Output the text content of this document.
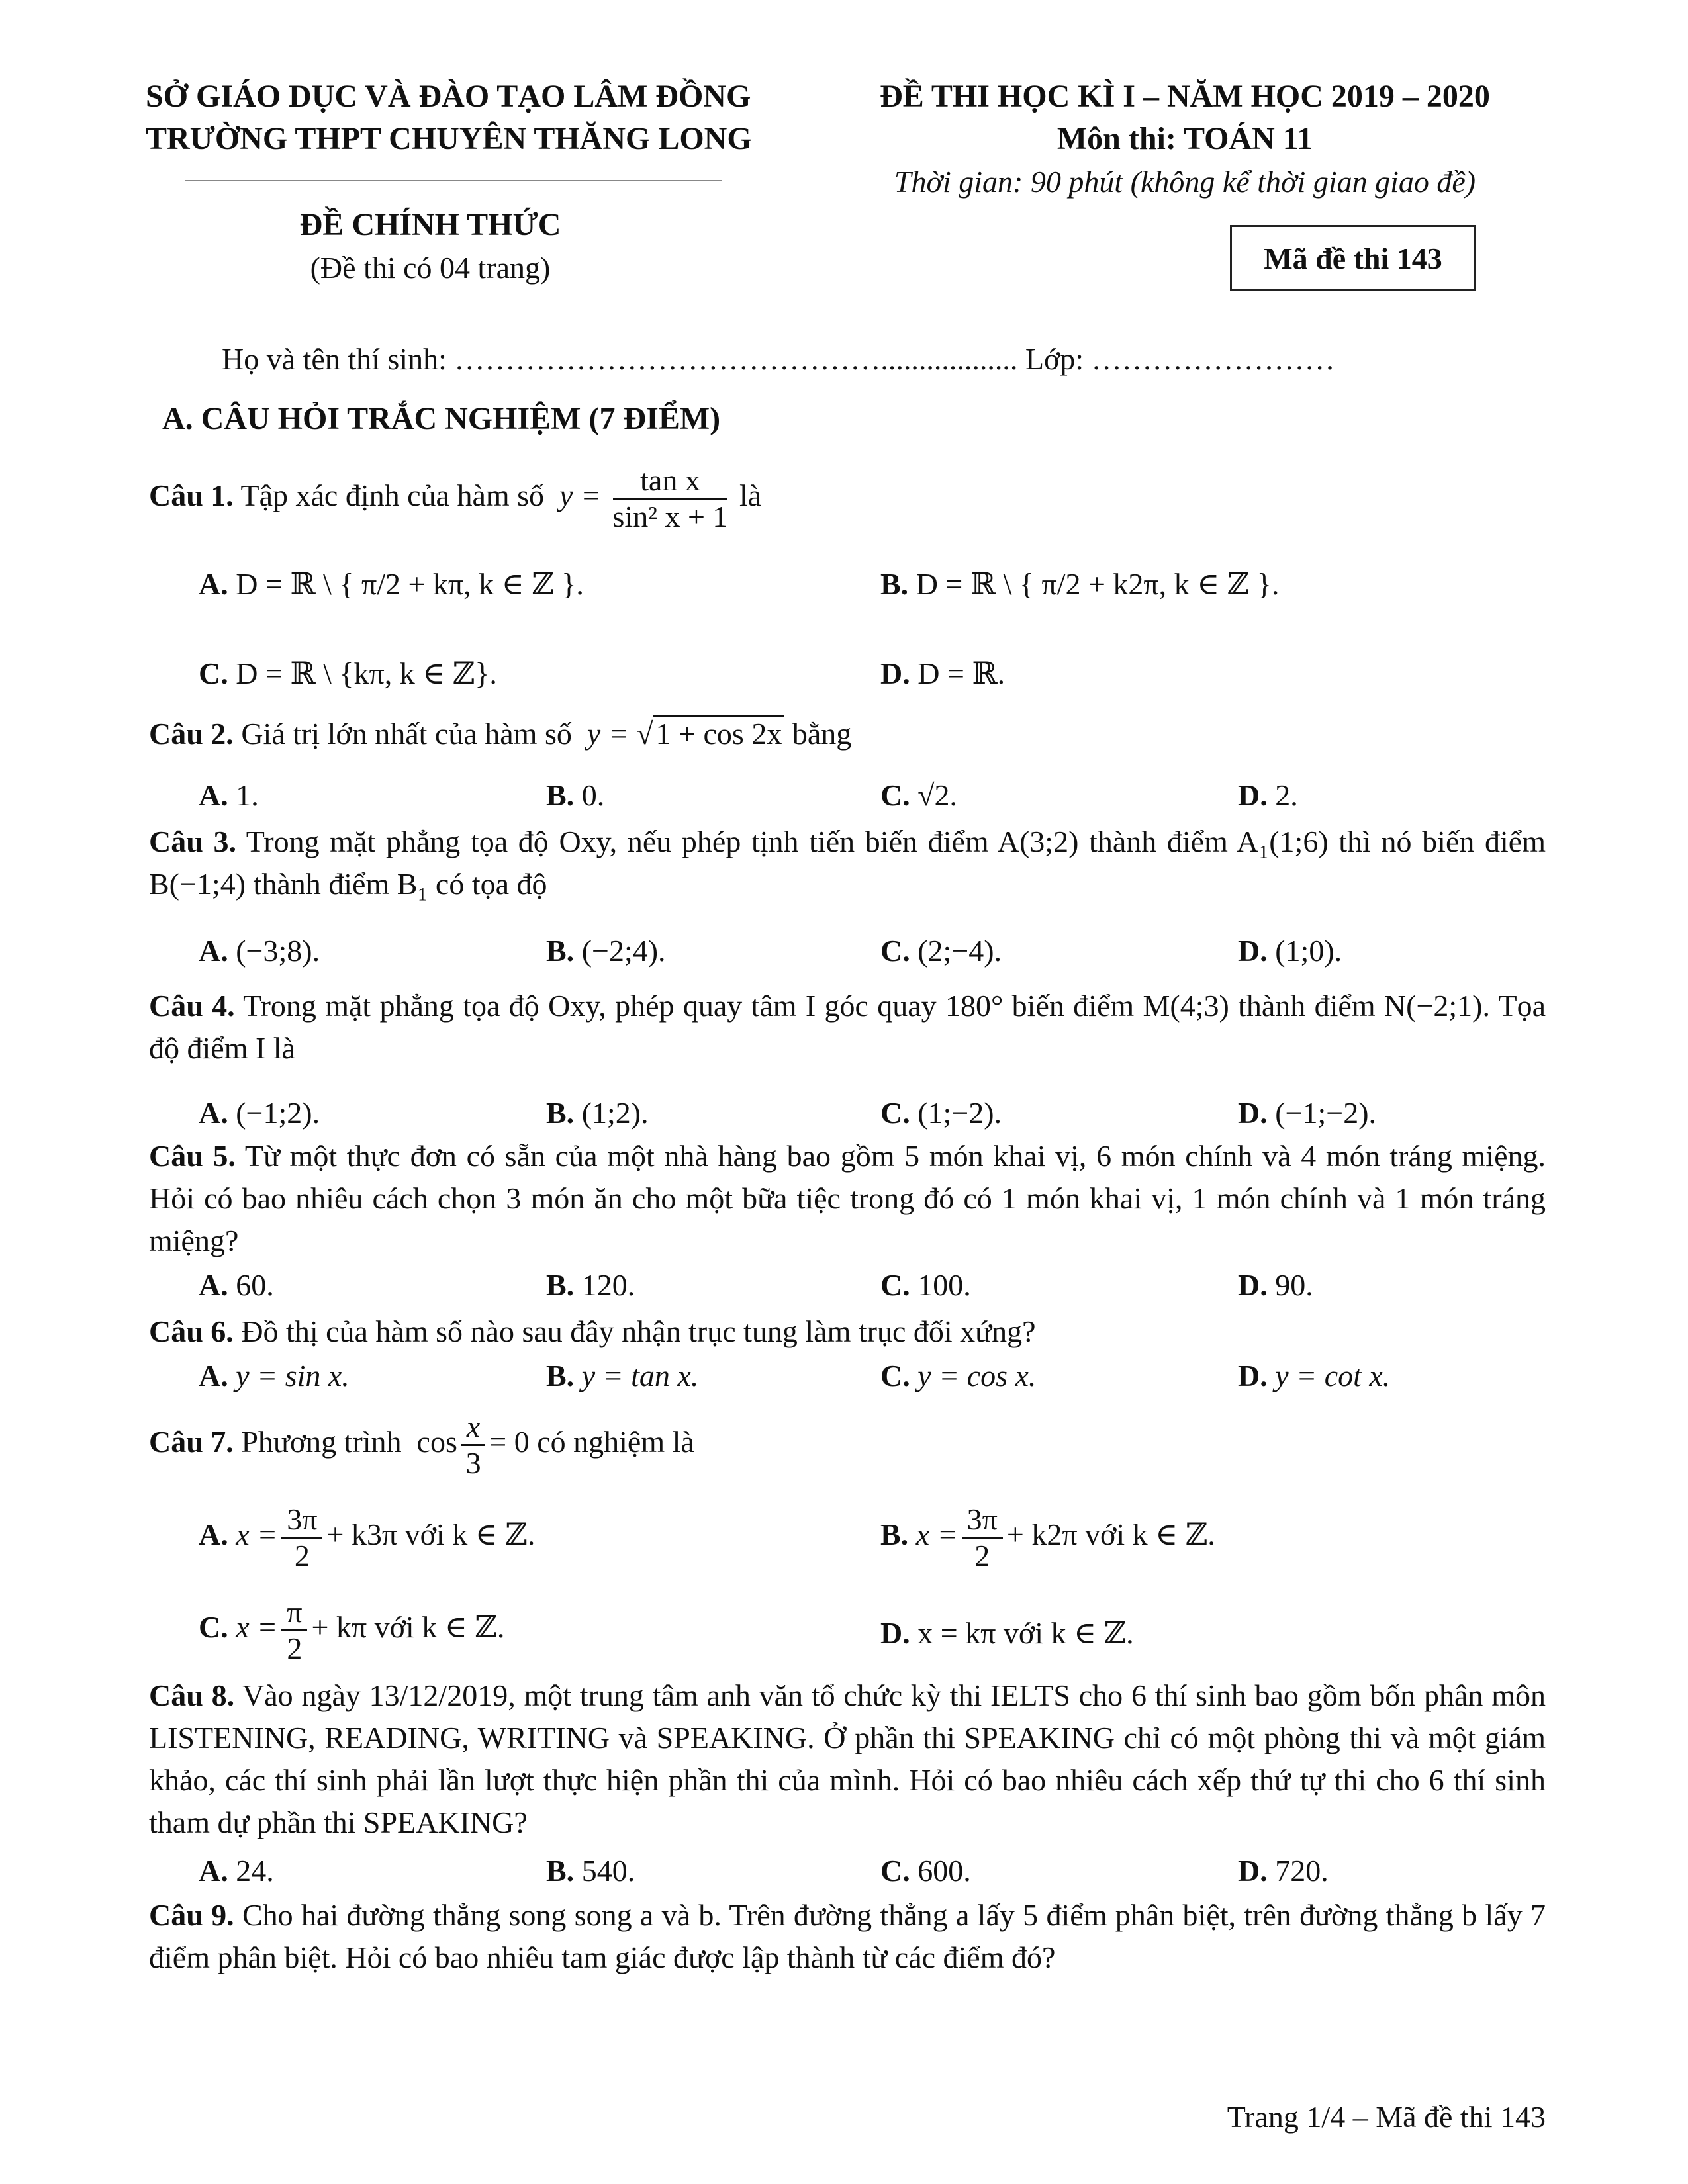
SỞ GIÁO DỤC VÀ ĐÀO TẠO LÂM ĐỒNG
TRƯỜNG THPT CHUYÊN THĂNG LONG
ĐỀ CHÍNH THỨC
(Đề thi có 04 trang)
ĐỀ THI HỌC KÌ I – NĂM HỌC 2019 – 2020
Môn thi: TOÁN 11
Thời gian: 90 phút (không kể thời gian giao đề)
Mã đề thi 143
Họ và tên thí sinh: …………………………………….................. Lớp: ……………………
A. CÂU HỎI TRẮC NGHIỆM (7 ĐIỂM)
Câu 1. Tập xác định của hàm số  $y = \frac{\text{tan x}}{\text{sin² x + 1}}$ là
A. D = ℝ \ { π/2 + kπ, k ∈ ℤ }.	B. D = ℝ \ { π/2 + k2π, k ∈ ℤ }.
C. D = ℝ \ {kπ, k ∈ ℤ}.	D. D = ℝ.
Câu 2. Giá trị lớn nhất của hàm số  y = √1 + cos 2x bằng
A. 1.	B. 0.	C. √2.	D. 2.
Câu 3. Trong mặt phẳng tọa độ Oxy, nếu phép tịnh tiến biến điểm A(3;2) thành điểm A₁(1;6) thì nó biến điểm B(−1;4) thành điểm B₁ có tọa độ
A. (−3;8).	B. (−2;4).	C. (2;−4).	D. (1;0).
Câu 4. Trong mặt phẳng tọa độ Oxy, phép quay tâm I góc quay 180° biến điểm M(4;3) thành điểm N(−2;1). Tọa độ điểm I là
A. (−1;2).	B. (1;2).	C. (1;−2).	D. (−1;−2).
Câu 5. Từ một thực đơn có sẵn của một nhà hàng bao gồm 5 món khai vị, 6 món chính và 4 món tráng miệng. Hỏi có bao nhiêu cách chọn 3 món ăn cho một bữa tiệc trong đó có 1 món khai vị, 1 món chính và 1 món tráng miệng?
A. 60.	B. 120.	C. 100.	D. 90.
Câu 6. Đồ thị của hàm số nào sau đây nhận trục tung làm trục đối xứng?
A. y = sin x.	B. y = tan x.	C. y = cos x.	D. y = cot x.
Câu 7. Phương trình  $\cos \frac{x}{3} = 0$ có nghiệm là
A. $x = \frac{3\pi}{2} + k3\pi$ với k ∈ ℤ.	B. $x = \frac{3\pi}{2} + k2\pi$ với k ∈ ℤ.
C. $x = \frac{\pi}{2} + k\pi$ với k ∈ ℤ.	D. x = kπ với k ∈ ℤ.
Câu 8. Vào ngày 13/12/2019, một trung tâm anh văn tổ chức kỳ thi IELTS cho 6 thí sinh bao gồm bốn phân môn LISTENING, READING, WRITING và SPEAKING. Ở phần thi SPEAKING chỉ có một phòng thi và một giám khảo, các thí sinh phải lần lượt thực hiện phần thi của mình. Hỏi có bao nhiêu cách xếp thứ tự thi cho 6 thí sinh tham dự phần thi SPEAKING?
A. 24.	B. 540.	C. 600.	D. 720.
Câu 9. Cho hai đường thẳng song song a và b. Trên đường thẳng a lấy 5 điểm phân biệt, trên đường thẳng b lấy 7 điểm phân biệt. Hỏi có bao nhiêu tam giác được lập thành từ các điểm đó?
Trang 1/4 – Mã đề thi 143
